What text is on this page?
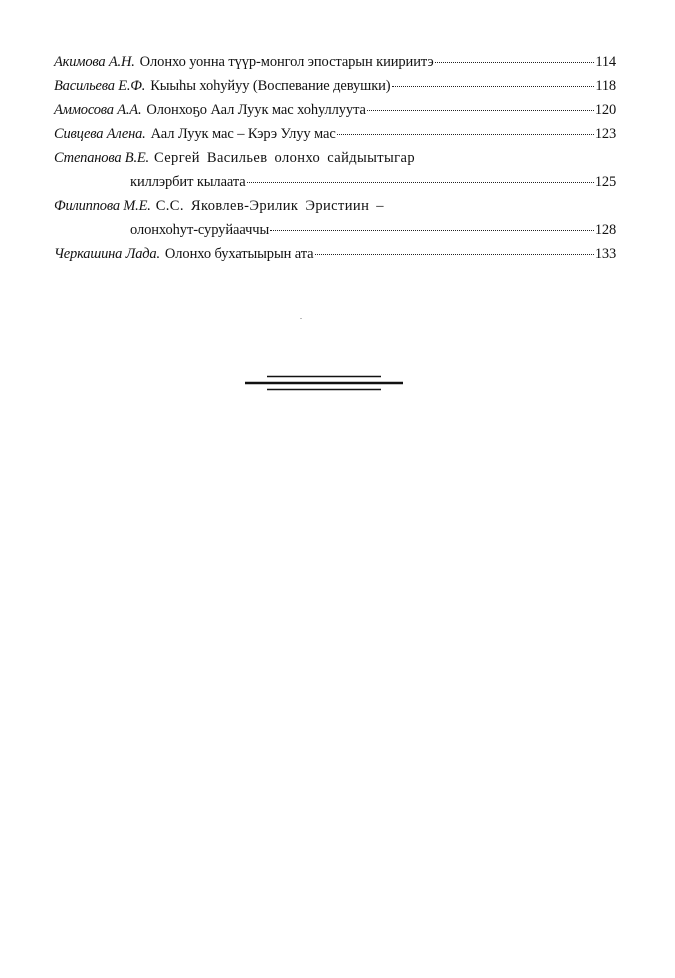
Акимова А.Н. Олонхо уонна түүр-монгол эпостарын киириитэ	114
Васильева Е.Ф. Кыыһы хоһуйуу (Воспевание девушки)	118
Аммосова А.А. Олонхоҕо Аал Луук мас хоһуллуута	120
Сивцева Алена. Аал Луук мас – Кэрэ Улуу мас	123
Степанова В.Е. Сергей Васильев олонхо сайдыытыгар
киллэрбит кылаата	125
Филиппова М.Е. С.С. Яковлев-Эрилик Эристиин –
олонхоһут-суруйааччы	128
Черкашина Лада. Олонхо бухатыырын ата	133
